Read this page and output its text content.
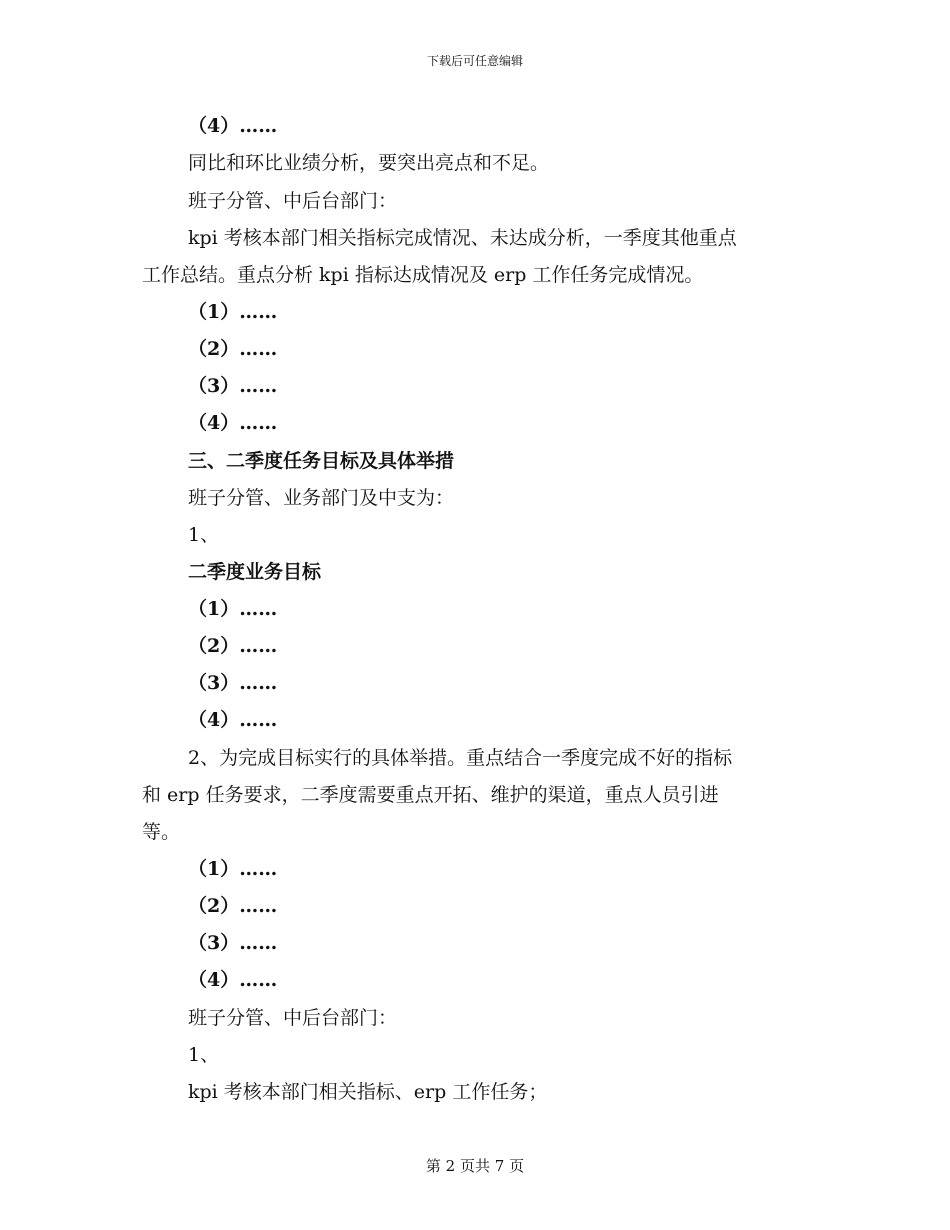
下载后可任意编辑
（4）……
同比和环比业绩分析，要突出亮点和不足。
班子分管、中后台部门：
kpi 考核本部门相关指标完成情况、未达成分析，一季度其他重点
工作总结。重点分析 kpi 指标达成情况及 erp 工作任务完成情况。
（1）……
（2）……
（3）……
（4）……
三、二季度任务目标及具体举措
班子分管、业务部门及中支为：
1、
二季度业务目标
（1）……
（2）……
（3）……
（4）……
2、为完成目标实行的具体举措。重点结合一季度完成不好的指标
和 erp 任务要求，二季度需要重点开拓、维护的渠道，重点人员引进
等。
（1）……
（2）……
（3）……
（4）……
班子分管、中后台部门：
1、
kpi 考核本部门相关指标、erp 工作任务；
第 2 页共 7 页
